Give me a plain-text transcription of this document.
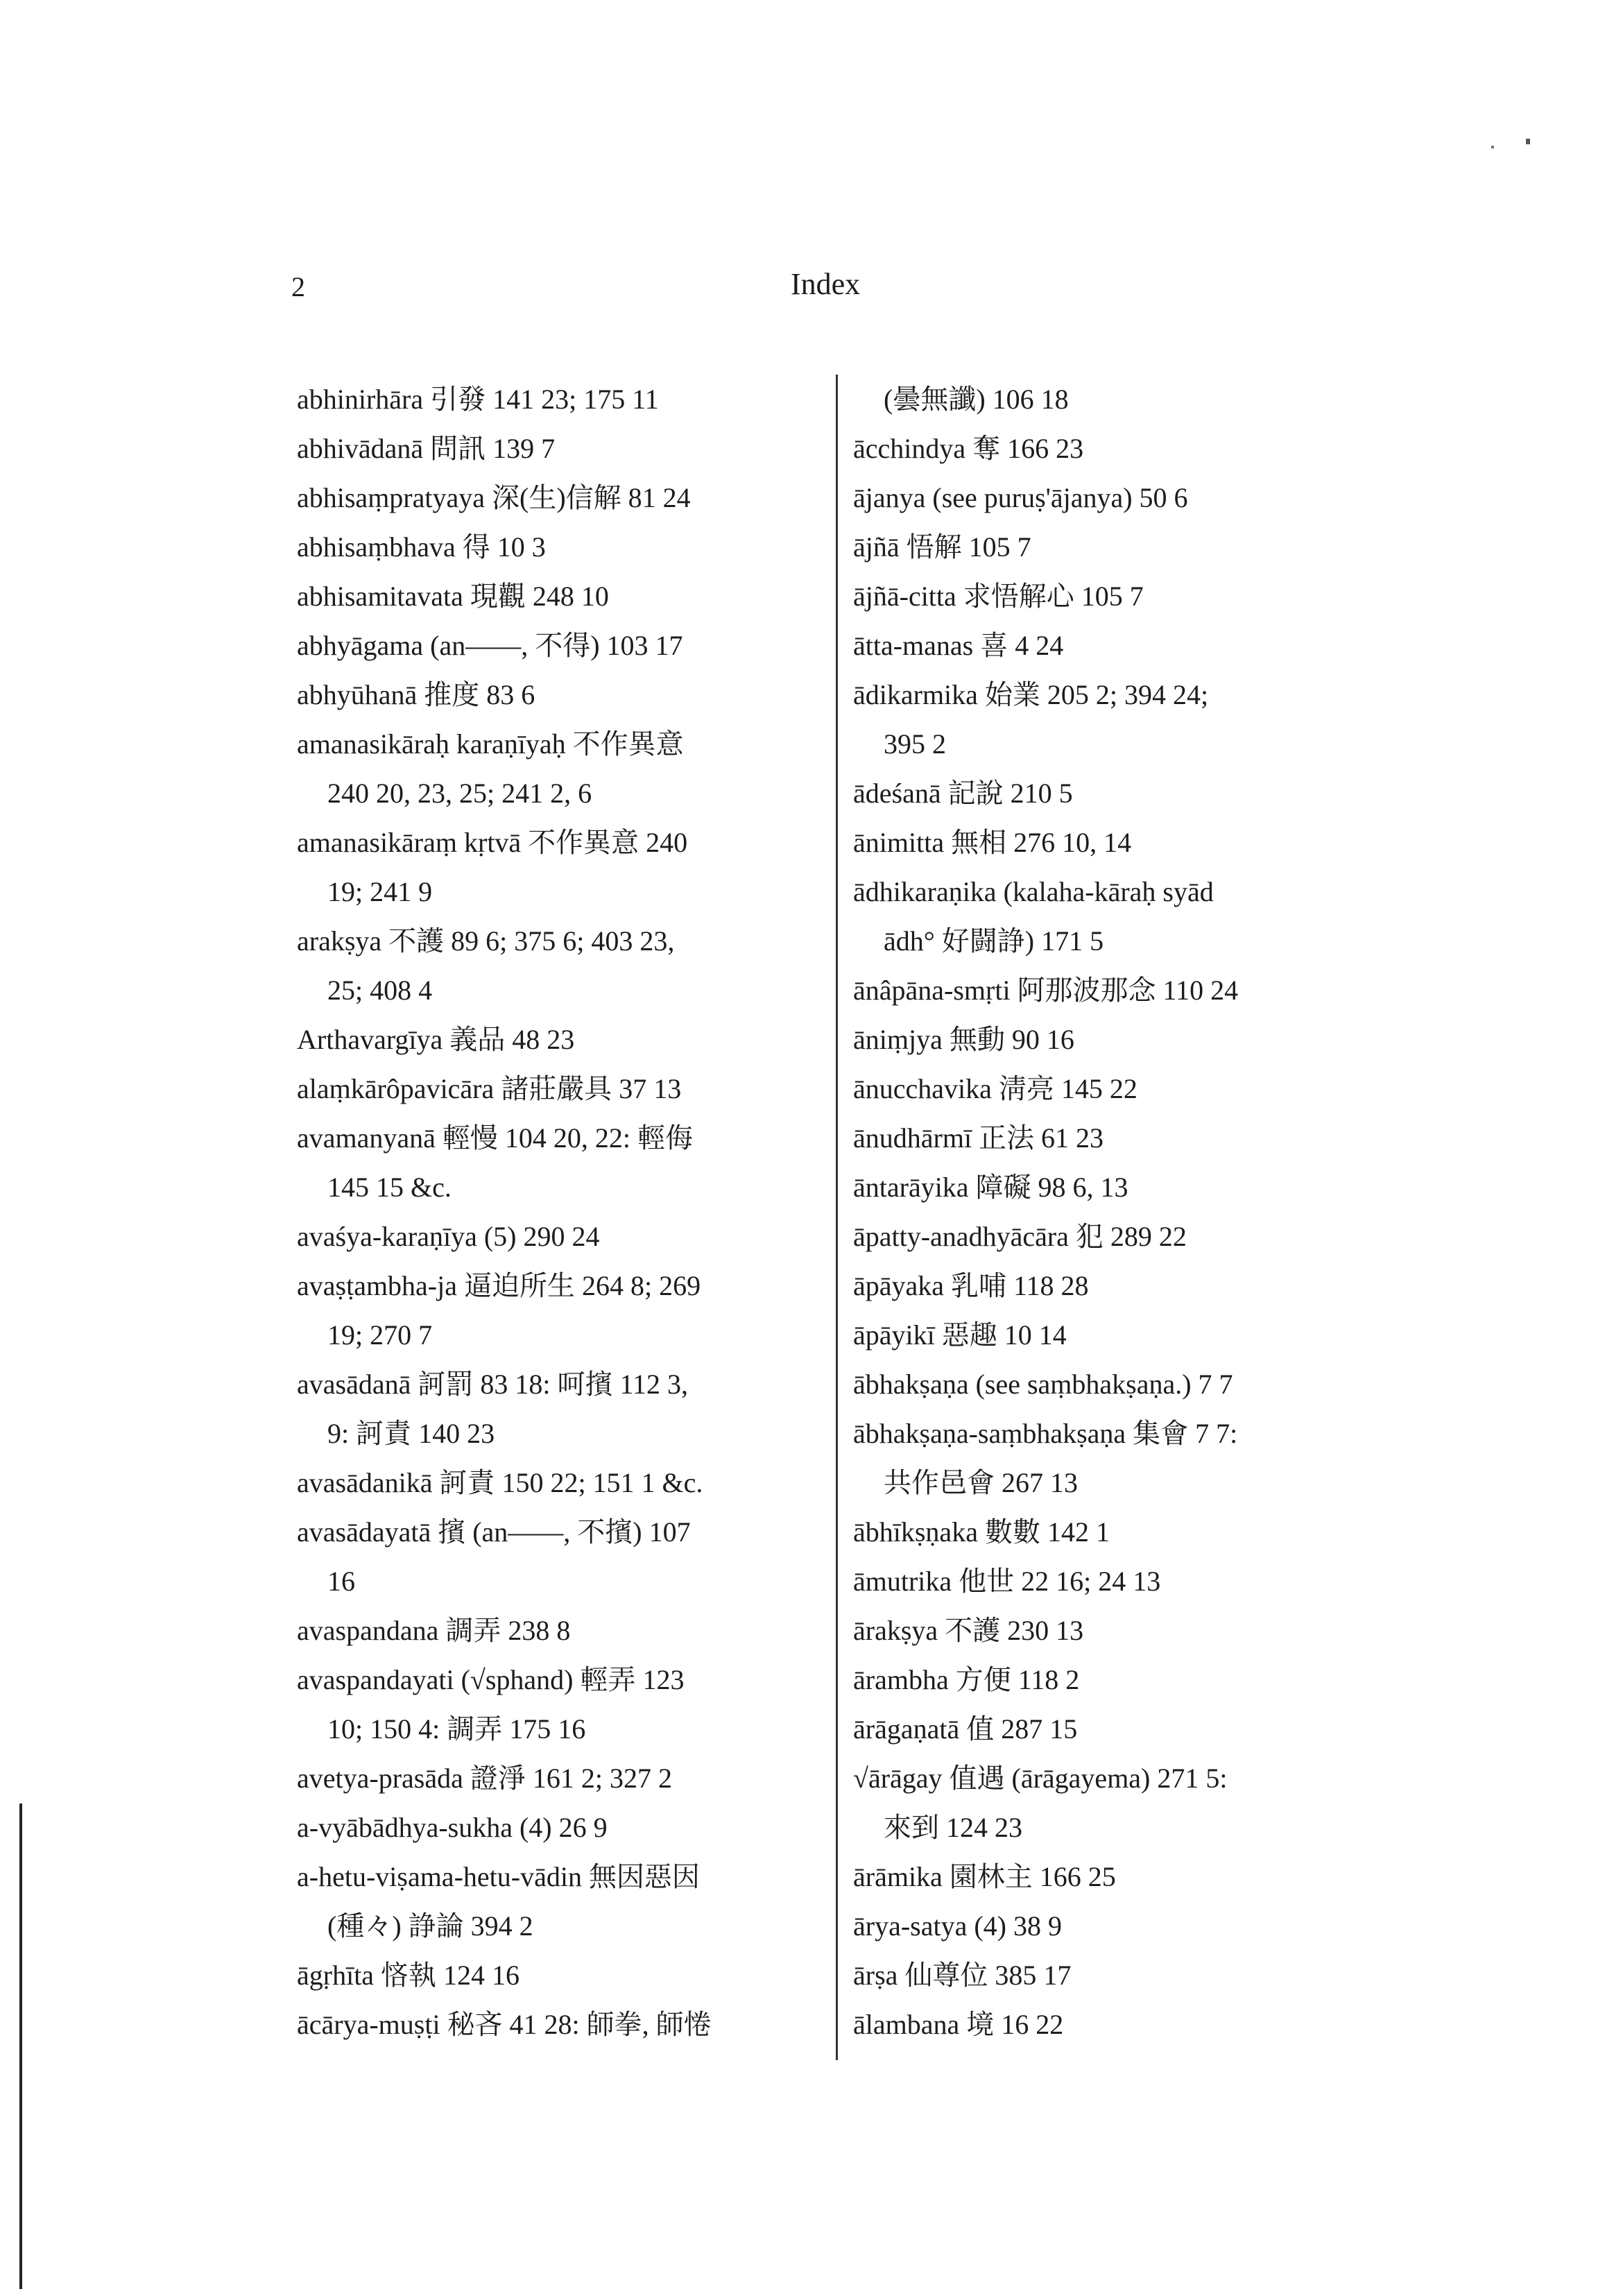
2	Index
abhinirhāra 引發 141 23; 175 11
abhivādanā 問訊 139 7
abhisaṃpratyaya 深(生)信解 81 24
abhisaṃbhava 得 10 3
abhisamitavata 現觀 248 10
abhyāgama (an——, 不得) 103 17
abhyūhanā 推度 83 6
amanasikāraḥ karaṇīyaḥ 不作異意
240 20, 23, 25; 241 2, 6
amanasikāraṃ kṛtvā 不作異意 240
19; 241 9
arakṣya 不護 89 6; 375 6; 403 23,
25; 408 4
Arthavargīya 義品 48 23
alaṃkārôpavicāra 諸莊嚴具 37 13
avamanyanā 輕慢 104 20, 22: 輕侮
145 15 &c.
avaśya-karaṇīya (5) 290 24
avaṣṭambha-ja 逼迫所生 264 8; 269
19; 270 7
avasādanā 訶罰 83 18: 呵擯 112 3,
9: 訶責 140 23
avasādanikā 訶責 150 22; 151 1 &c.
avasādayatā 擯 (an——, 不擯) 107
16
avaspandana 調弄 238 8
avaspandayati (√sphand) 輕弄 123
10; 150 4: 調弄 175 16
avetya-prasāda 證淨 161 2; 327 2
a-vyābādhya-sukha (4) 26 9
a-hetu-viṣama-hetu-vādin 無因惡因
(種々) 諍論 394 2
āgṛhīta 悋執 124 16
ācārya-muṣṭi 秘吝 41 28: 師拳, 師惓
(曇無讖) 106 18
ācchindya 奪 166 23
ājanya (see puruṣ'ājanya) 50 6
ājñā 悟解 105 7
ājñā-citta 求悟解心 105 7
ātta-manas 喜 4 24
ādikarmika 始業 205 2; 394 24;
395 2
ādeśanā 記說 210 5
ānimitta 無相 276 10, 14
ādhikaraṇika (kalaha-kāraḥ syād
ādh° 好闘諍) 171 5
ānâpāna-smṛti 阿那波那念 110 24
āniṃjya 無動 90 16
ānucchavika 淸亮 145 22
ānudhārmī 正法 61 23
āntarāyika 障礙 98 6, 13
āpatty-anadhyācāra 犯 289 22
āpāyaka 乳哺 118 28
āpāyikī 惡趣 10 14
ābhakṣaṇa (see saṃbhakṣaṇa.) 7 7
ābhakṣaṇa-saṃbhakṣaṇa 集會 7 7:
共作邑會 267 13
ābhīkṣṇaka 數數 142 1
āmutrika 他世 22 16; 24 13
ārakṣya 不護 230 13
ārambha 方便 118 2
ārāgaṇatā 值 287 15
√ārāgay 值遇 (ārāgayema) 271 5:
來到 124 23
ārāmika 園林主 166 25
ārya-satya (4) 38 9
ārṣa 仙尊位 385 17
ālambana 境 16 22
